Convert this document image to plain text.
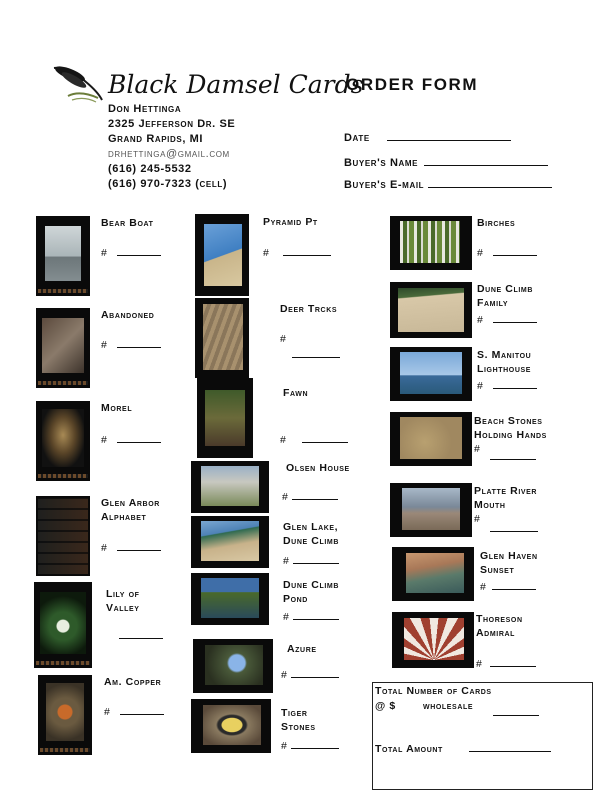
Black Damsel Cards
ORDER FORM
Don Hettinga
2325 Jefferson Dr. SE
Grand Rapids, MI
drhettinga@gmail.com
(616) 245-5532
(616) 970-7323 (cell)
Date
Buyer's Name
Buyer's E-mail
Bear Boat
#
Abandoned
#
Morel
#
Glen Arbor Alphabet
#
Lily of Valley
Am. Copper
#
Pyramid Pt
#
Deer Trcks
#
Fawn
#
Olsen House
#
Glen Lake, Dune Climb
#
Dune Climb Pond
#
Azure
#
Tiger Stones
#
Birches
#
Dune Climb Family
#
S. Manitou Lighthouse
#
Beach Stones Holding Hands
#
Platte River Mouth
#
Glen Haven Sunset
#
Thoreson Admiral
#
Total Number of Cards
@ $	wholesale
Total Amount
